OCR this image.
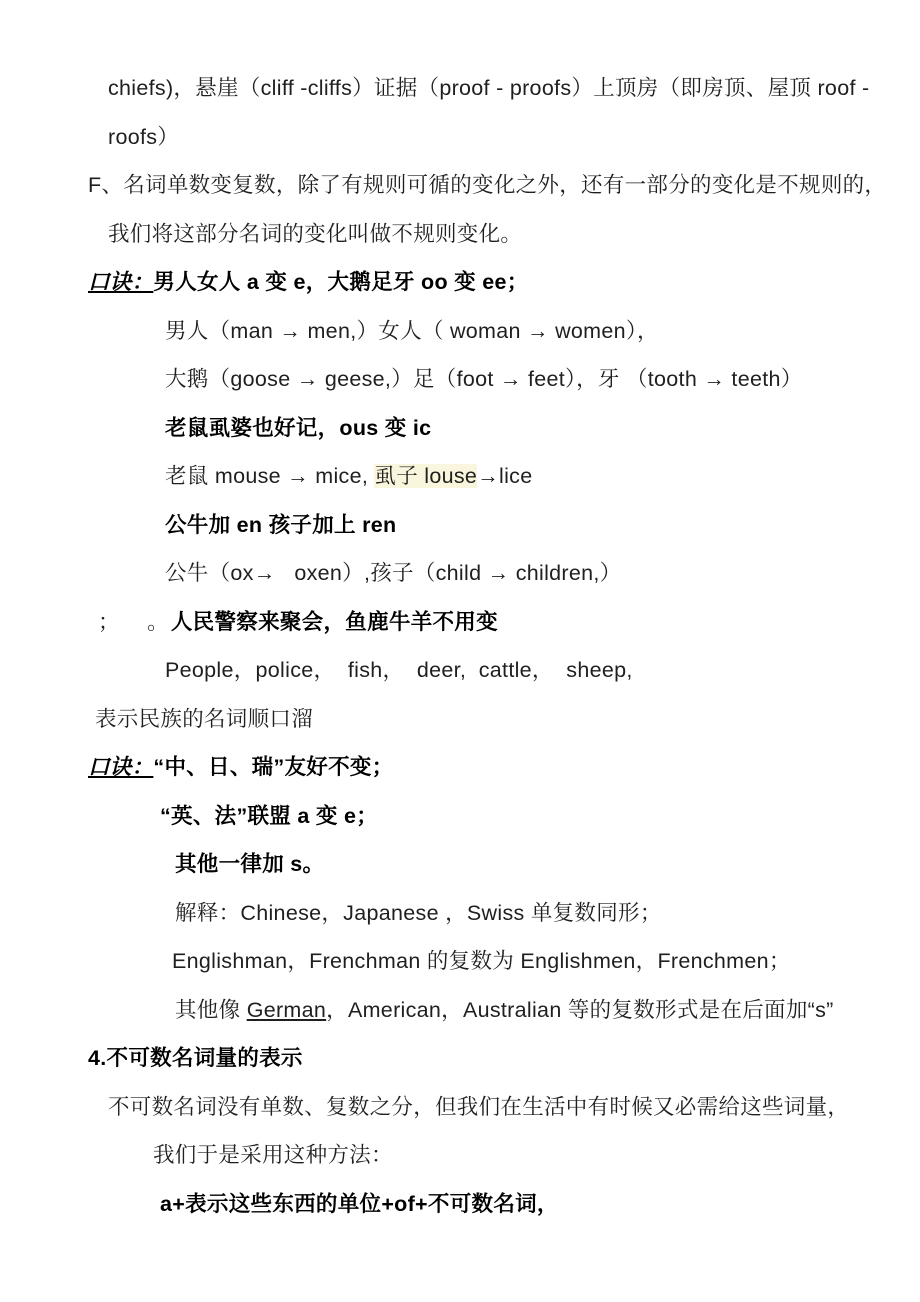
chiefs)，悬崖（cliff -cliffs）证据（proof - proofs）上顶房（即房顶、屋顶 roof -
roofs）
F、名词单数变复数，除了有规则可循的变化之外，还有一部分的变化是不规则的，
我们将这部分名词的变化叫做不规则变化。
口诀：男人女人 a 变 e，大鹅足牙 oo 变 ee；
男人（man → men,）女人（ woman → women），
大鹅（goose → geese,）足（foot → feet），牙 （tooth → teeth）
老鼠虱婆也好记，ous 变 ic
老鼠 mouse → mice, 虱子 louse→lice
公牛加 en 孩子加上 ren
公牛（ox→   oxen）,孩子（child → children,）
； 。人民警察来聚会，鱼鹿牛羊不用变
People，police，  fish，  deer,  cattle，  sheep,
表示民族的名词顺口溜
口诀：“中、日、瑞”友好不变；
“英、法”联盟 a 变 e；
其他一律加 s。
解释：Chinese，Japanese ，Swiss 单复数同形；
Englishman，Frenchman 的复数为 Englishmen，Frenchmen；
其他像 German，American，Australian 等的复数形式是在后面加“s”
4.不可数名词量的表示
不可数名词没有单数、复数之分，但我们在生活中有时候又必需给这些词量，
我们于是采用这种方法：
a+表示这些东西的单位+of+不可数名词，
